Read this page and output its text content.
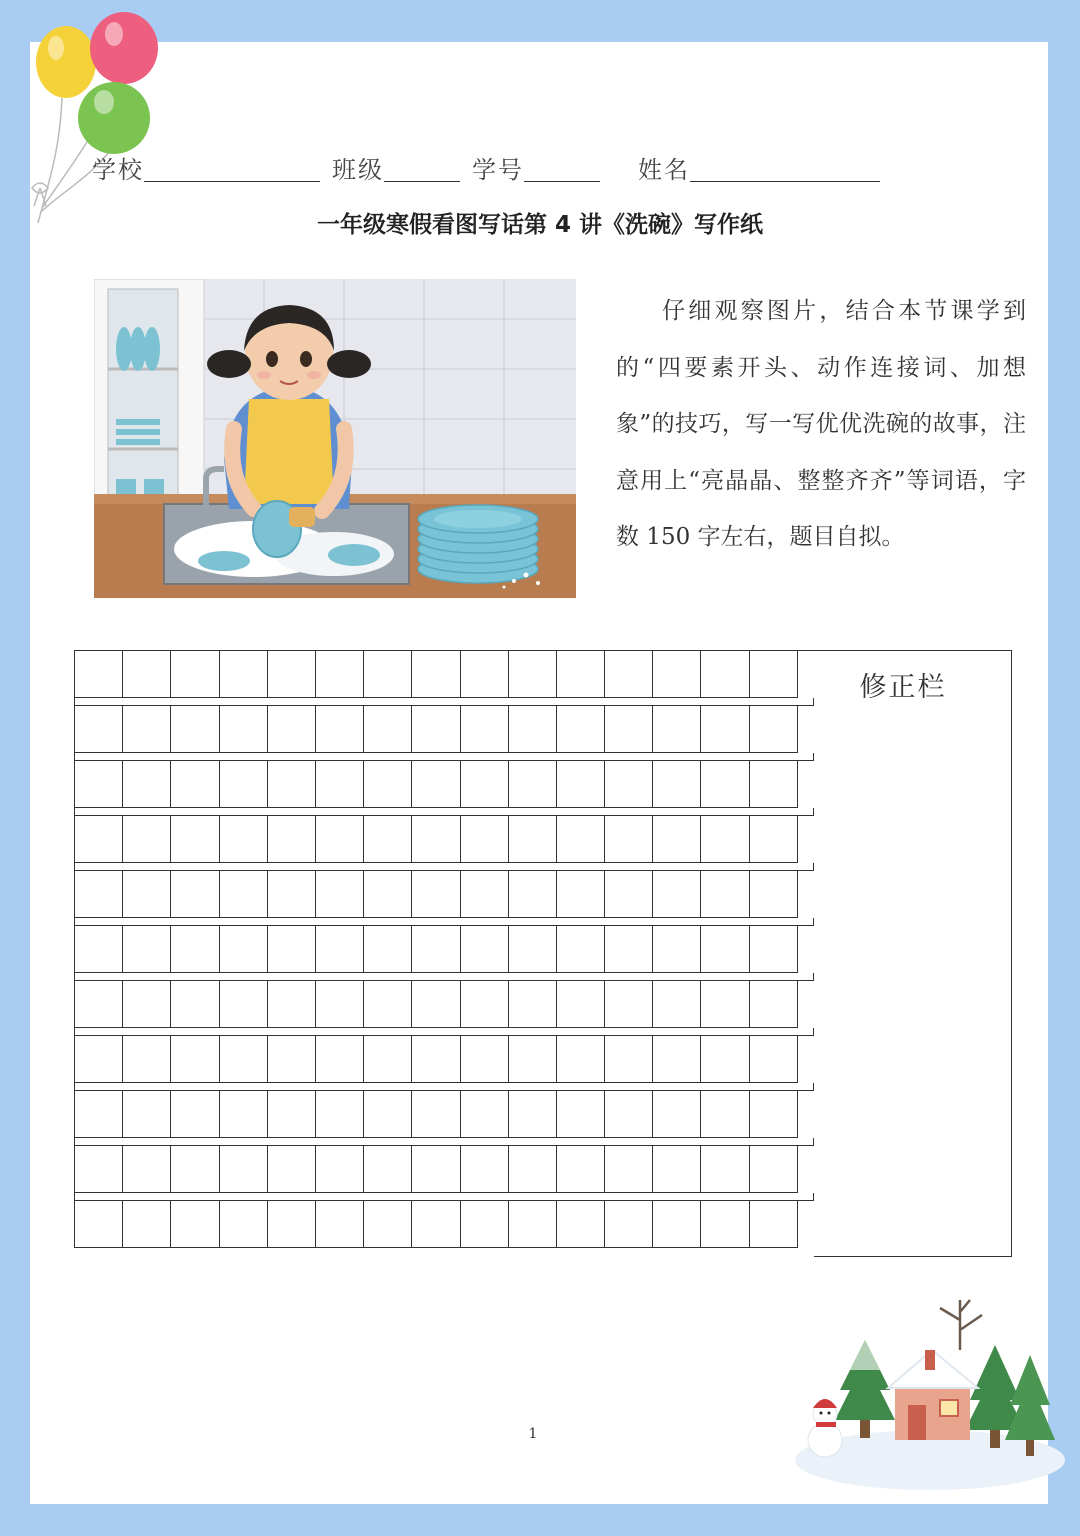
学校	班级	学号	姓名
一年级寒假看图写话第 4 讲《洗碗》写作纸
仔细观察图片，结合本节课学到的“四要素开头、动作连接词、加想象”的技巧，写一写优优洗碗的故事，注意用上“亮晶晶、整整齐齐”等词语，字数 150 字左右，题目自拟。
修正栏
1
